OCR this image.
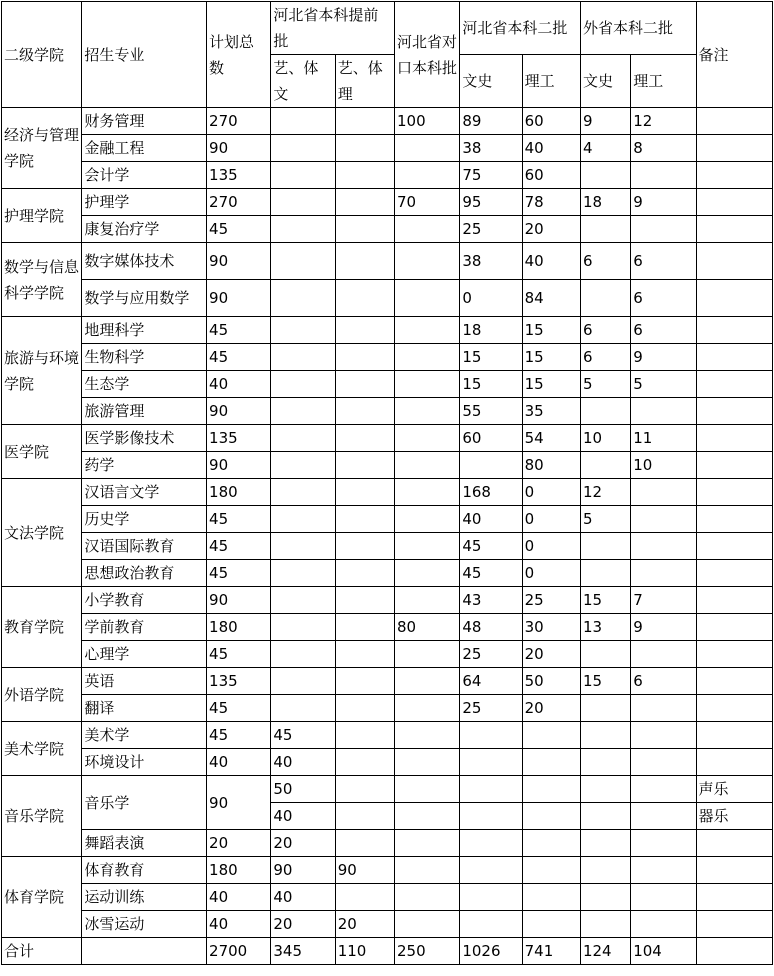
二级学院	招生专业	计划总数	河北省本科提前批		河北省对口本科批	河北省本科二批		外省本科二批		备注
			艺、体文	艺、体理		文史	理工	文史	理工	
经济与管理学院	财务管理	270			100	89	60	9	12	
	金融工程	90				38	40	4	8	
	会计学	135				75	60			
护理学院	护理学	270			70	95	78	18	9	
	康复治疗学	45				25	20			
数学与信息科学学院	数字媒体技术	90				38	40	6	6	
	数学与应用数学	90				0	84		6	
旅游与环境学院	地理科学	45				18	15	6	6	
	生物科学	45				15	15	6	9	
	生态学	40				15	15	5	5	
	旅游管理	90				55	35			
医学院	医学影像技术	135				60	54	10	11	
	药学	90					80		10	
文法学院	汉语言文学	180				168	0	12		
	历史学	45				40	0	5		
	汉语国际教育	45				45	0			
	思想政治教育	45				45	0			
教育学院	小学教育	90				43	25	15	7	
	学前教育	180			80	48	30	13	9	
	心理学	45				25	20			
外语学院	英语	135				64	50	15	6	
	翻译	45				25	20			
美术学院	美术学	45	45							
	环境设计	40	40							
音乐学院	音乐学	90	50							声乐
			40							器乐
	舞蹈表演	20	20							
体育学院	体育教育	180	90	90						
	运动训练	40	40							
	冰雪运动	40	20	20						
合计		2700	345	110	250	1026	741	124	104	
